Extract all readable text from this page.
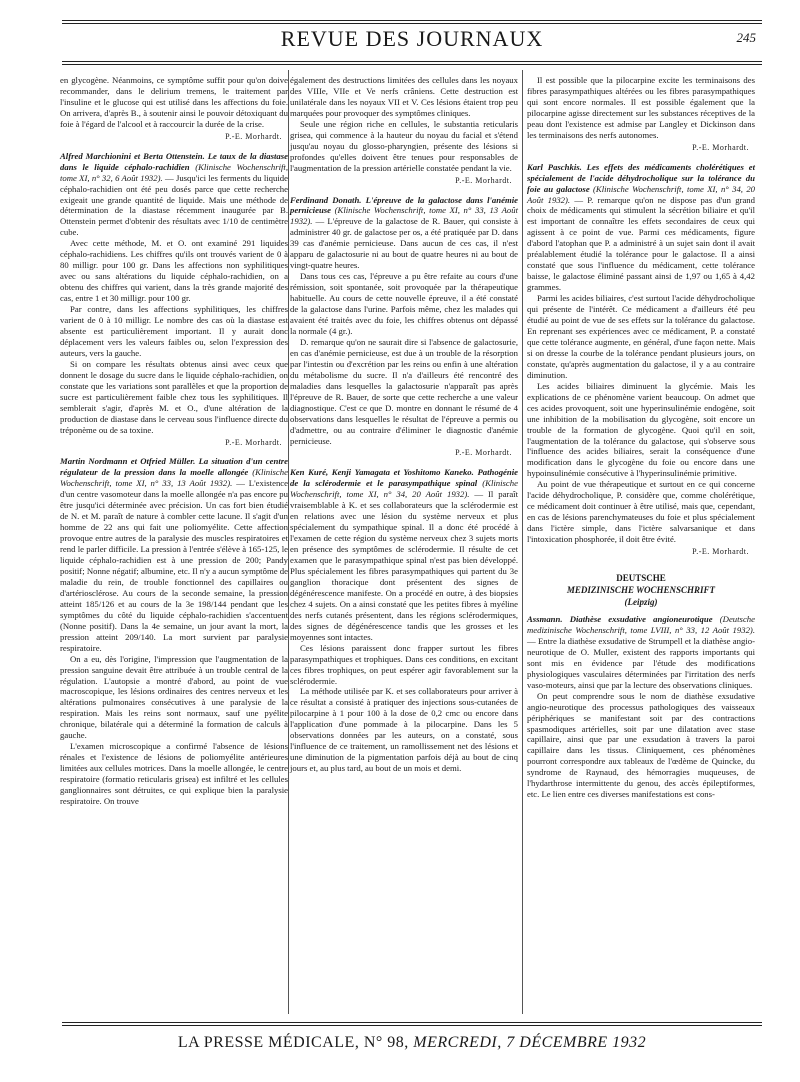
REVUE DES JOURNAUX	245

en glycogène. Néanmoins, ce symptôme suffit pour qu'on doive recommander, dans le delirium tremens, le traitement par l'insuline et le glucose qui est utilisé dans les affections du foie. On arrivera, d'après B., à soutenir ainsi le pouvoir détoxiquant du foie à l'égard de l'alcool et à raccourcir la durée de la crise.

P.-E. Morhardt.

Alfred Marchionini et Berta Ottenstein. Le taux de la diastase dans le liquide céphalo-rachidien (Klinische Wochenschrift, tome XI, n° 32, 6 Août 1932). — Jusqu'ici les ferments du liquide céphalo-rachidien ont été peu dosés parce que cette recherche exigeait une grande quantité de liquide. Mais une méthode de détermination de la diastase récemment inaugurée par B. Ottenstein permet d'obtenir des résultats avec 1/10 de centimètre cube.

Avec cette méthode, M. et O. ont examiné 291 liquides céphalo-rachidiens. Les chiffres qu'ils ont trouvés varient de 0 à 80 milligr. pour 100 gr. Dans les affections non syphilitiques avec ou sans altérations du liquide céphalo-rachidien, on a obtenu des chiffres qui varient, dans la très grande majorité des cas, entre 1 et 30 milligr. pour 100 gr.

Par contre, dans les affections syphilitiques, les chiffres varient de 0 à 10 milligr. Le nombre des cas où la diastase est absente est particulièrement important. Il y aurait donc déplacement vers les valeurs faibles ou, selon l'expression des auteurs, vers la gauche.

Si on compare les résultats obtenus ainsi avec ceux que donnent le dosage du sucre dans le liquide céphalo-rachidien, on constate que les variations sont parallèles et que la proportion de sucre est particulièrement faible chez tous les syphilitiques. Il semblerait s'agir, d'après M. et O., d'une altération de la production de diastase dans le cerveau sous l'influence directe du tréponème ou de sa toxine.

P.-E. Morhardt.

Martin Nordmann et Otfried Müller. La situation d'un centre régulateur de la pression dans la moelle allongée (Klinische Wochenschrift, tome XI, n° 33, 13 Août 1932). — L'existence d'un centre vasomoteur dans la moelle allongée n'a pas encore pu être jusqu'ici déterminée avec précision. Un cas fort bien étudié de N. et M. paraît de nature à combler cette lacune. Il s'agit d'un homme de 22 ans qui fait une poliomyélite. Cette affection provoque entre autres de la paralysie des muscles respiratoires et rend le parler difficile. La pression à l'entrée s'élève à 165-125, le liquide céphalo-rachidien est à une pression de 200; Pandy positif; Nonne négatif; albumine, etc. Il n'y a aucun symptôme de maladie du rein, de trouble fonctionnel des capillaires ou d'artériosclérose. Au cours de la seconde semaine, la pression atteint 185/126 et au cours de la 3e 198/144 pendant que les symptômes du côté du liquide céphalo-rachidien s'accentuent (Nonne positif). Dans la 4e semaine, un jour avant la mort, la pression atteint 209/140. La mort survient par paralysie respiratoire.

On a eu, dès l'origine, l'impression que l'augmentation de la pression sanguine devait être attribuée à un trouble central de la régulation. L'autopsie a montré d'abord, au point de vue macroscopique, les lésions ordinaires des centres nerveux et les altérations pulmonaires consécutives à une paralysie de la respiration. Mais les reins sont normaux, sauf une pyélite chronique, bilatérale qui a déterminé la formation de calculs à gauche.

L'examen microscopique a confirmé l'absence de lésions rénales et l'existence de lésions de poliomyélite antérieures limitées aux cellules motrices. Dans la moelle allongée, le centre respiratoire (formatio reticularis grisea) est infiltré et les cellules ganglionnaires sont détruites, ce qui explique bien la paralysie respiratoire. On trouve

également des destructions limitées des cellules dans les noyaux des VIIIe, VIIe et Ve nerfs crâniens. Cette destruction est unilatérale dans les noyaux VII et V. Ces lésions étaient trop peu marquées pour provoquer des symptômes cliniques.

Seule une région riche en cellules, le substantia reticularis grisea, qui commence à la hauteur du noyau du facial et s'étend jusqu'au noyau du glosso-pharyngien, présente des lésions si profondes qu'elles doivent être tenues pour responsables de l'augmentation de la pression artérielle constatée pendant la vie.

P.-E. Morhardt.

Ferdinand Donath. L'épreuve de la galactose dans l'anémie pernicieuse (Klinische Wochenschrift, tome XI, n° 33, 13 Août 1932). — L'épreuve de la galactose de R. Bauer, qui consiste à administrer 40 gr. de galactose per os, a été pratiquée par D. dans 39 cas d'anémie pernicieuse. Dans aucun de ces cas, il n'est apparu de galactosurie ni au bout de quatre heures ni au bout de vingt-quatre heures.

Dans tous ces cas, l'épreuve a pu être refaite au cours d'une rémission, soit spontanée, soit provoquée par la thérapeutique habituelle. Au cours de cette nouvelle épreuve, il a été constaté de la galactose dans l'urine. Parfois même, chez les malades qui avaient été traités avec du foie, les chiffres obtenus ont dépassé la normale (4 gr.).

D. remarque qu'on ne saurait dire si l'absence de galactosurie, en cas d'anémie pernicieuse, est due à un trouble de la résorption par l'intestin ou d'excrétion par les reins ou enfin à une altération du métabolisme du sucre. Il n'a d'ailleurs été rencontré des maladies dans lesquelles la galactosurie n'apparaît pas après l'épreuve de R. Bauer, de sorte que cette recherche a une valeur diagnostique. C'est ce que D. montre en donnant le résumé de 4 observations dans lesquelles le résultat de l'épreuve a permis ou d'admettre, ou au contraire d'éliminer le diagnostic d'anémie pernicieuse.

P.-E. Morhardt.

Ken Kuré, Kenji Yamagata et Yoshitomo Kaneko. Pathogénie de la sclérodermie et le parasympathique spinal (Klinische Wochenschrift, tome XI, n° 34, 20 Août 1932). — Il paraît vraisemblable à K. et ses collaborateurs que la sclérodermie est en relations avec une lésion du système nerveux et plus spécialement du sympathique spinal. Il a donc été procédé à l'examen de cette région du système nerveux chez 3 sujets morts en présence des symptômes de sclérodermie. Il résulte de cet examen que le parasympathique spinal n'est pas bien développé. Plus spécialement les fibres parasympathiques qui partent du 3e ganglion thoracique dont présentent des signes de dégénérescence manifeste. On a procédé en outre, à des biopsies chez 4 sujets. On a ainsi constaté que les petites fibres à myéline des nerfs cutanés présentent, dans les régions sclérodermiques, des signes de dégénérescence tandis que les grosses et les moyennes sont intactes.

Ces lésions paraissent donc frapper surtout les fibres parasympathiques et trophiques. Dans ces conditions, en excitant ces fibres trophiques, on peut espérer agir favorablement sur la sclérodermie.

La méthode utilisée par K. et ses collaborateurs pour arriver à ce résultat a consisté à pratiquer des injections sous-cutanées de pilocarpine à 1 pour 100 à la dose de 0,2 cmc ou encore dans l'application d'une pommade à la pilocarpine. Dans les 5 observations données par les auteurs, on a constaté, sous l'influence de ce traitement, un ramollissement net des lésions et une diminution de la pigmentation parfois déjà au bout de cinq jours et, au plus tard, au bout de un mois et demi.

Il est possible que la pilocarpine excite les terminaisons des fibres parasympathiques altérées ou les fibres parasympathiques qui sont encore normales. Il est possible également que la pilocarpine agisse directement sur les substances réceptives de la peau dont l'existence est admise par Langley et Dickinson dans les terminaisons des nerfs autonomes.

P.-E. Morhardt.

Karl Paschkis. Les effets des médicaments cholérétiques et spécialement de l'acide déhydrocholique sur la tolérance du foie au galactose (Klinische Wochenschrift, tome XI, n° 34, 20 Août 1932). — P. remarque qu'on ne dispose pas d'un grand choix de médicaments qui stimulent la sécrétion biliaire et qu'il est important de connaître les effets secondaires de ceux qui agissent à ce point de vue. Parmi ces médicaments, figure d'abord l'atophan que P. a administré à un sujet sain dont il avait préalablement étudié la tolérance pour le galactose. Il a ainsi constaté que sous l'influence du médicament, cette tolérance baisse, le galactose éliminé passant ainsi de 1,97 ou 1,65 à 4,42 grammes.

Parmi les acides biliaires, c'est surtout l'acide déhydrocholique qui présente de l'intérêt. Ce médicament a d'ailleurs été peu étudié au point de vue de ses effets sur la tolérance du galactose. En reprenant ses expériences avec ce médicament, P. a constaté que cette tolérance augmente, en général, d'une façon nette. Mais si on dresse la courbe de la tolérance pendant plusieurs jours, on constate, qu'après augmentation du galactose, il y a au contraire diminution.

Les acides biliaires diminuent la glycémie. Mais les explications de ce phénomène varient beaucoup. On admet que ces acides provoquent, soit une hyperinsulinémie endogène, soit une inhibition de la mobilisation du glycogène, soit encore un trouble de la formation de glycogène. Quoi qu'il en soit, l'augmentation de la tolérance du galactose, qui s'observe sous l'influence des acides biliaires, serait la conséquence d'une modification dans le glycogène du foie ou encore dans une hypoinsulinémie consécutive à l'hyperinsulinémie primitive.

Au point de vue thérapeutique et surtout en ce qui concerne l'acide déhydrocholique, P. considère que, comme cholérétique, ce médicament doit continuer à être utilisé, mais que, cependant, en cas de lésions parenchymateuses du foie et plus spécialement dans l'ictère simple, dans l'ictère salvarsanique et dans l'intoxication phosphorée, il doit être évité.

P.-E. Morhardt.
DEUTSCHE
MEDIZINISCHE WOCHENSCHRIFT
(Leipzig)

Assmann. Diathèse exsudative angioneurotique (Deutsche medizinische Wochenschrift, tome LVIII, n° 33, 12 Août 1932). — Entre la diathèse exsudative de Strumpell et la diathèse angio-neurotique de O. Muller, existent des rapports importants qui sont mis en évidence par l'étude des modifications physiologiques vasculaires déterminées par l'irritation des nerfs vaso-moteurs, ainsi que par la lecture des observations cliniques.

On peut comprendre sous le nom de diathèse exsudative angio-neurotique des processus pathologiques des vaisseaux périphériques se manifestant soit par des contractions spasmodiques artérielles, soit par une dilatation avec stase capillaire, ainsi que par une exsudation à travers la paroi capillaire dans les tissus. Cliniquement, ces phénomènes pourront correspondre aux tableaux de l'œdème de Quincke, du syndrome de Raynaud, des hémorragies muqueuses, de l'hydarthrose intermittente du genou, des accès épileptiformes, etc. Le lien entre ces diverses manifestations est cons-

LA PRESSE MÉDICALE, N° 98, MERCREDI, 7 DÉCEMBRE 1932
